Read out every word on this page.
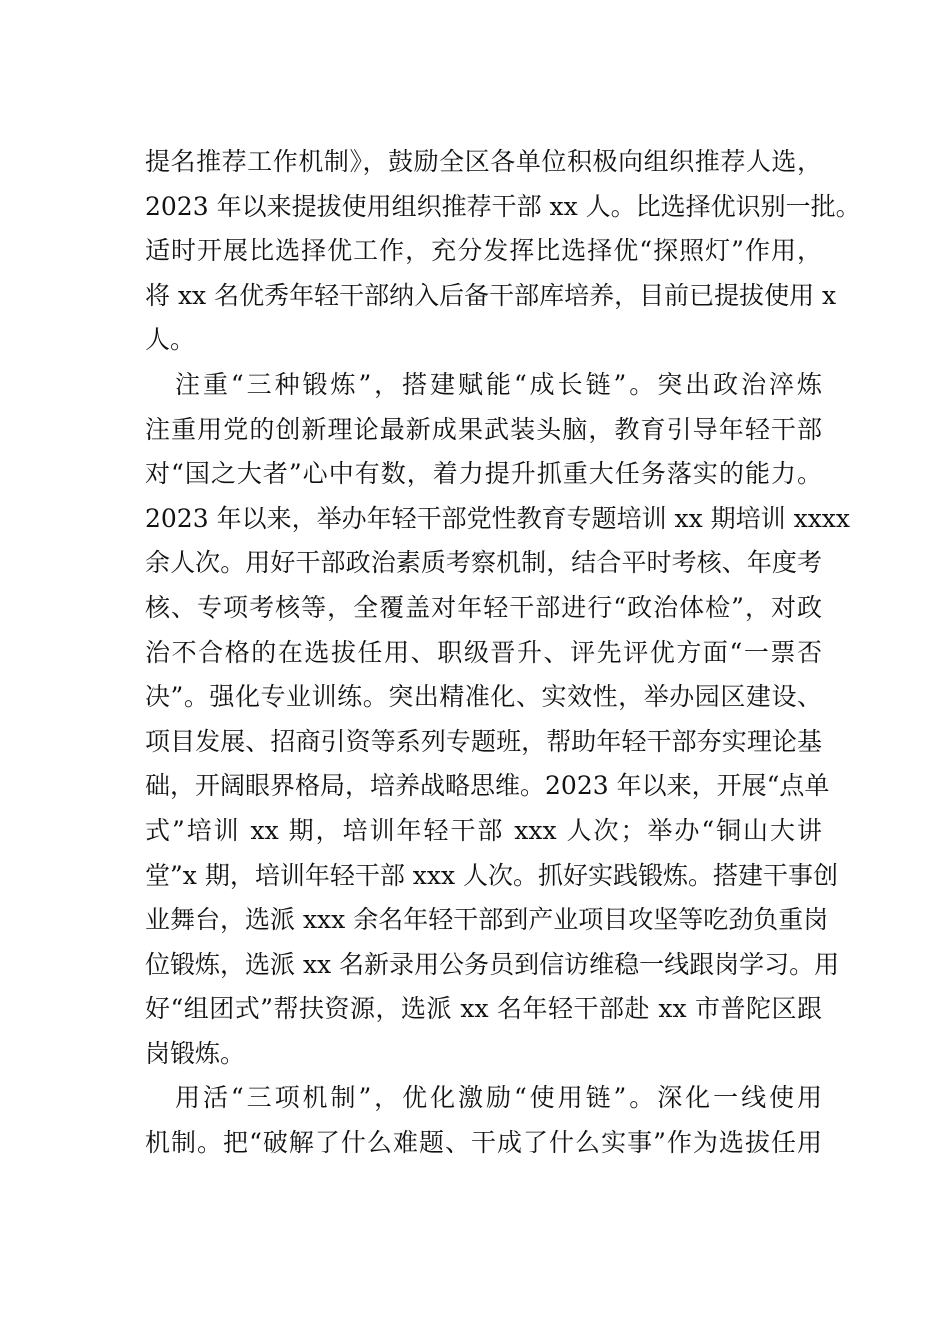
提名推荐工作机制》，鼓励全区各单位积极向组织推荐人选，
2023 年以来提拔使用组织推荐干部 xx 人。比选择优识别一批。
适时开展比选择优工作，充分发挥比选择优“探照灯”作用，
将 xx 名优秀年轻干部纳入后备干部库培养，目前已提拔使用 x
人。
注重“三种锻炼”，搭建赋能“成长链”。突出政治淬炼
注重用党的创新理论最新成果武装头脑，教育引导年轻干部
对“国之大者”心中有数，着力提升抓重大任务落实的能力。
2023 年以来，举办年轻干部党性教育专题培训 xx 期培训 xxxx
余人次。用好干部政治素质考察机制，结合平时考核、年度考
核、专项考核等，全覆盖对年轻干部进行“政治体检”，对政
治不合格的在选拔任用、职级晋升、评先评优方面“一票否
决”。强化专业训练。突出精准化、实效性，举办园区建设、
项目发展、招商引资等系列专题班，帮助年轻干部夯实理论基
础，开阔眼界格局，培养战略思维。2023 年以来，开展“点单
式”培训 xx 期，培训年轻干部 xxx 人次；举办“铜山大讲
堂”x 期，培训年轻干部 xxx 人次。抓好实践锻炼。搭建干事创
业舞台，选派 xxx 余名年轻干部到产业项目攻坚等吃劲负重岗
位锻炼，选派 xx 名新录用公务员到信访维稳一线跟岗学习。用
好“组团式”帮扶资源，选派 xx 名年轻干部赴 xx 市普陀区跟
岗锻炼。
用活“三项机制”，优化激励“使用链”。深化一线使用
机制。把“破解了什么难题、干成了什么实事”作为选拔任用
